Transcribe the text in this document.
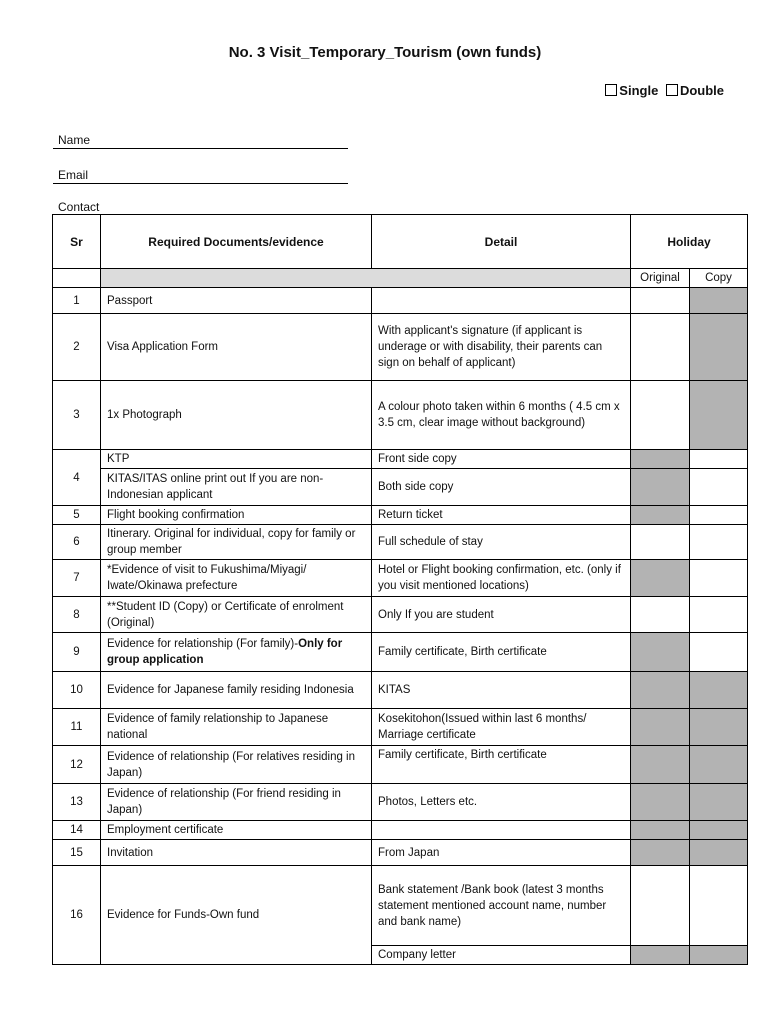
No. 3 Visit_Temporary_Tourism (own funds)
Single Double
Name
Email
Contact
Sr	Required Documents/evidence	Detail	Holiday	
			Original	Copy
1	Passport			
2	Visa Application Form	With applicant's signature (if applicant is underage or with disability, their parents can sign on behalf of applicant)		
3	1x Photograph	A colour photo taken within 6 months ( 4.5 cm x 3.5 cm, clear image without background)		
4	KTP	Front side copy		
	KITAS/ITAS online print out If you are non-Indonesian applicant	Both side copy		
5	Flight booking confirmation	Return ticket		
6	Itinerary. Original for individual, copy for family or group member	Full schedule of stay		
7	*Evidence of visit to Fukushima/Miyagi/ Iwate/Okinawa prefecture	Hotel or Flight booking confirmation, etc. (only if you visit mentioned locations)		
8	**Student ID (Copy) or Certificate of enrolment (Original)	Only If you are student		
9	Evidence for relationship (For family)-Only for group application	Family certificate, Birth certificate		
10	Evidence for Japanese family residing Indonesia	KITAS		
11	Evidence of family relationship to Japanese national	Kosekitohon(Issued within last 6 months/ Marriage certificate		
12	Evidence of relationship (For relatives residing in Japan)	Family certificate, Birth certificate		
13	Evidence of relationship (For friend residing in Japan)	Photos, Letters etc.		
14	Employment certificate			
15	Invitation	From Japan		
16	Evidence for Funds-Own fund	Bank statement /Bank book (latest 3 months statement mentioned account name, number and bank name)		
		Company letter		
